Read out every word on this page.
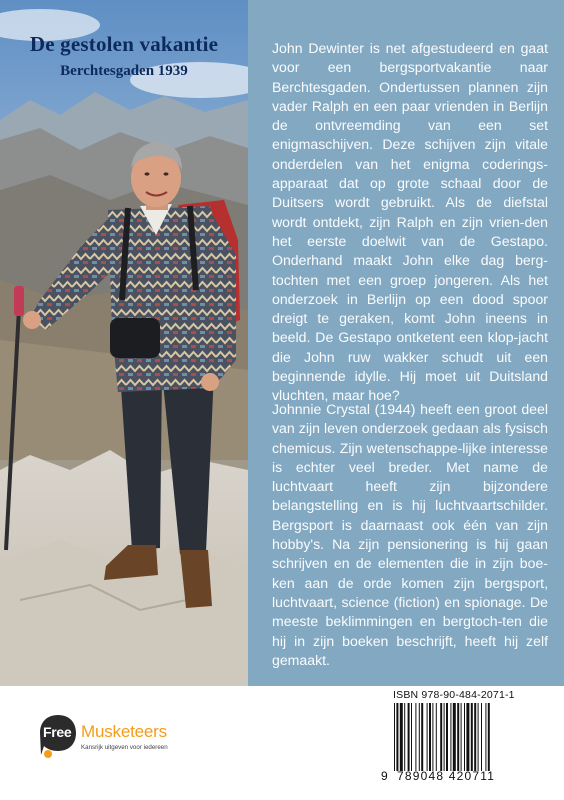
De gestolen vakantie
Berchtesgaden 1939

John Dewinter is net afgestudeerd en gaat voor een bergsportvakantie naar Berchtesgaden. Ondertussen plannen zijn vader Ralph en een paar vrienden in Berlijn de ontvreemding van een set enigmaschijven. Deze schijven zijn vitale onderdelen van het enigma coderings-apparaat dat op grote schaal door de Duitsers wordt gebruikt. Als de diefstal wordt ontdekt, zijn Ralph en zijn vrien-den het eerste doelwit van de Gestapo. Onderhand maakt John elke dag berg-tochten met een groep jongeren. Als het onderzoek in Berlijn op een dood spoor dreigt te geraken, komt John ineens in beeld. De Gestapo ontketent een klop-jacht die John ruw wakker schudt uit een beginnende idylle. Hij moet uit Duitsland vluchten, maar hoe?

Johnnie Crystal (1944) heeft een groot deel van zijn leven onderzoek gedaan als fysisch chemicus. Zijn wetenschappe-lijke interesse is echter veel breder. Met name de luchtvaart heeft zijn bijzondere belangstelling en is hij luchtvaartschilder. Bergsport is daarnaast ook één van zijn hobby's. Na zijn pensionering is hij gaan schrijven en de elementen die in zijn boe-ken aan de orde komen zijn bergsport, luchtvaart, science (fiction) en spionage. De meeste beklimmingen en bergtoch-ten die hij in zijn boeken beschrijft, heeft hij zelf gemaakt.

Free Musketeers
Kansrijk uitgeven voor iedereen
ISBN 978-90-484-2071-1
9 789048 420711
